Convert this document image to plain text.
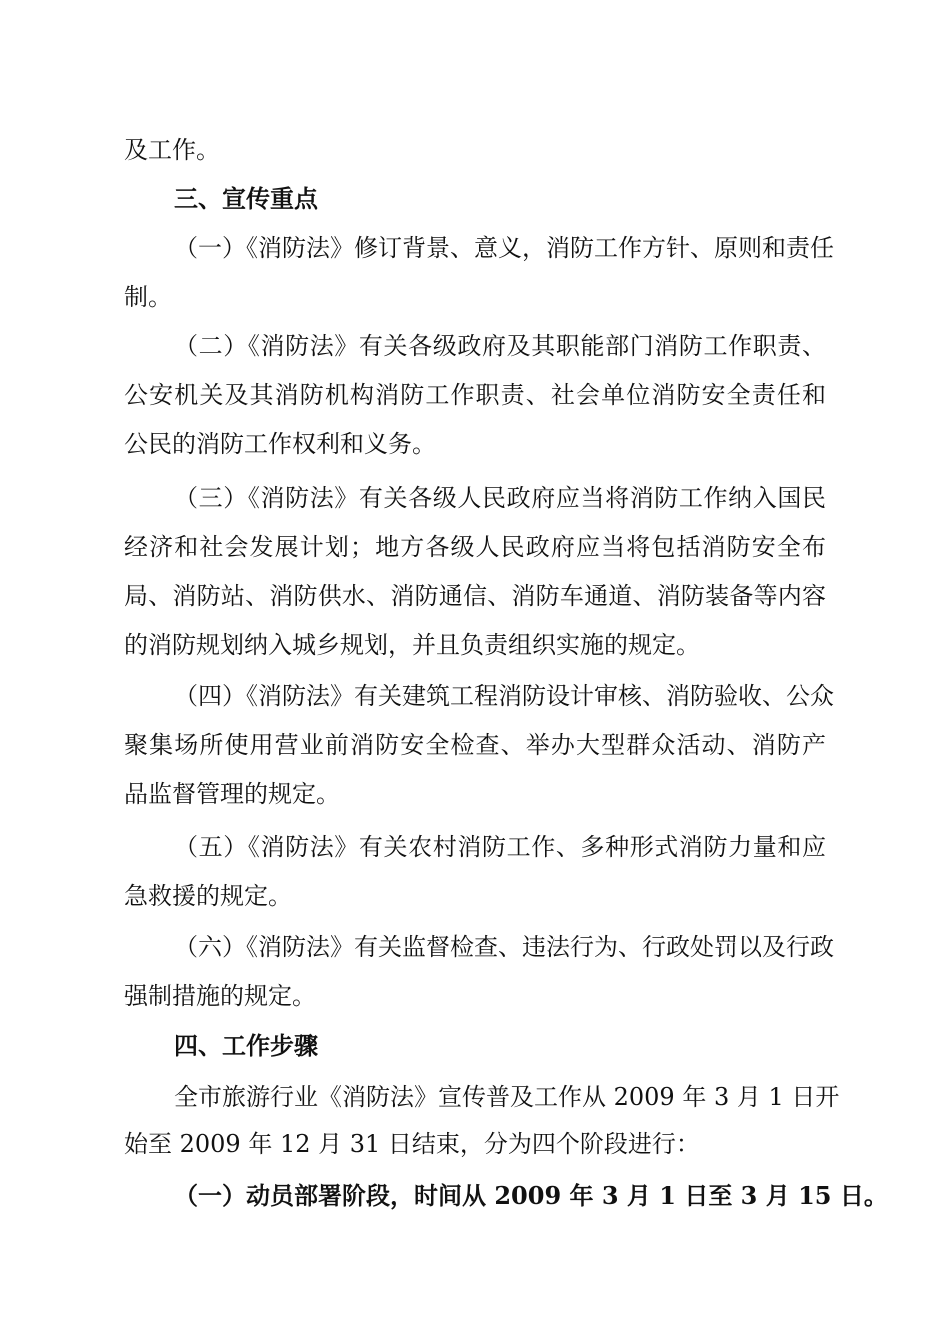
及工作。
三、宣传重点
（一）《消防法》修订背景、意义，消防工作方针、原则和责任
制。
（二）《消防法》有关各级政府及其职能部门消防工作职责、
公安机关及其消防机构消防工作职责、社会单位消防安全责任和
公民的消防工作权利和义务。
（三）《消防法》有关各级人民政府应当将消防工作纳入国民
经济和社会发展计划；地方各级人民政府应当将包括消防安全布
局、消防站、消防供水、消防通信、消防车通道、消防装备等内容
的消防规划纳入城乡规划，并且负责组织实施的规定。
（四）《消防法》有关建筑工程消防设计审核、消防验收、公众
聚集场所使用营业前消防安全检查、举办大型群众活动、消防产
品监督管理的规定。
（五）《消防法》有关农村消防工作、多种形式消防力量和应
急救援的规定。
（六）《消防法》有关监督检查、违法行为、行政处罚以及行政
强制措施的规定。
四、工作步骤
全市旅游行业《消防法》宣传普及工作从 2009 年 3 月 1 日开
始至 2009 年 12 月 31 日结束，分为四个阶段进行：
（一）动员部署阶段，时间从 2009 年 3 月 1 日至 3 月 15 日。
